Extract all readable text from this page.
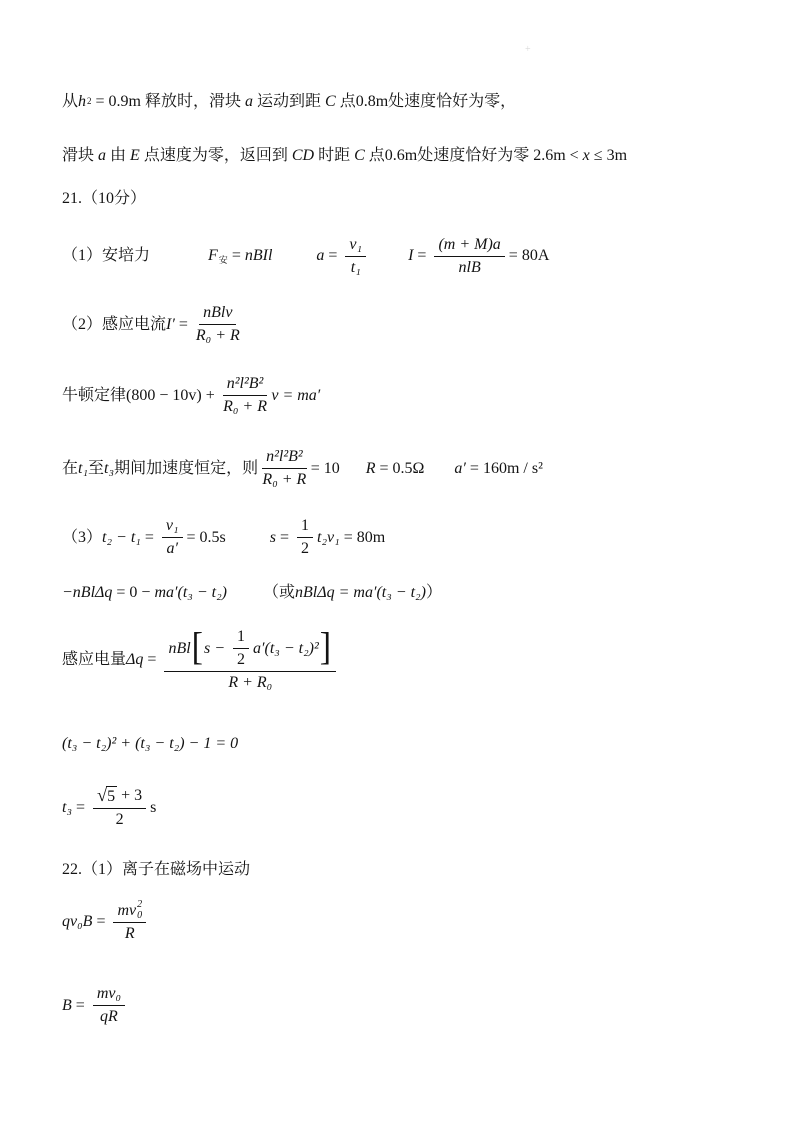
+
从 h 2 = 0.9m 释放时，滑块 a 运动到距 C 点0.8m处速度恰好为零，
滑块 a 由 E 点速度为零，返回到 CD 时距 C 点0.6m处速度恰好为零 2.6m < x ≤ 3m
21.（10分）
（1）安培力	$F_安$ = nBIl
	$a = \frac{\text{v₁}}{\text{t₁}}$	$I = \frac{(m + M)a}{\text{nlB}} = 80A$
（2）感应电流 $I' = \frac{\text{nBlv}}{\text{R₀ + R}}$
牛顿定律 $(800 - 10v) + \frac{\text{n²l²B²}}{\text{R₀ + R}}$ v = ma′
在 t₁ 至 t₃ 期间加速度恒定，则 $\frac{\text{n²l²B²}}{\text{R₀ + R}} = 10$ R = 0.5Ω a′ = 160m / s²
（3） $t_2 - t_1 = \frac{\text{v₁}}{a'} = 0.5s$	$s = \frac{1}{2} t_2v_1 = 80m$
−nBlΔq = 0 − ma′(t₃ − t₂) （或 nBlΔq = ma′(t₃ − t₂) ）
感应电量 $\Delta q = \frac{nBl [ s - \frac{1}{2} a'(t_3 - t_2)^2 ]}{\text{R + R₀}}$
(t₃ − t₂)² + (t₃ − t₂) − 1 = 0
$t_3 = \frac{√ 5 + 3}{2}$ s
22.（1）离子在磁场中运动
qv₀B = mv 2
0
R
$B = \frac{\text{mv₀}}{qR}$
